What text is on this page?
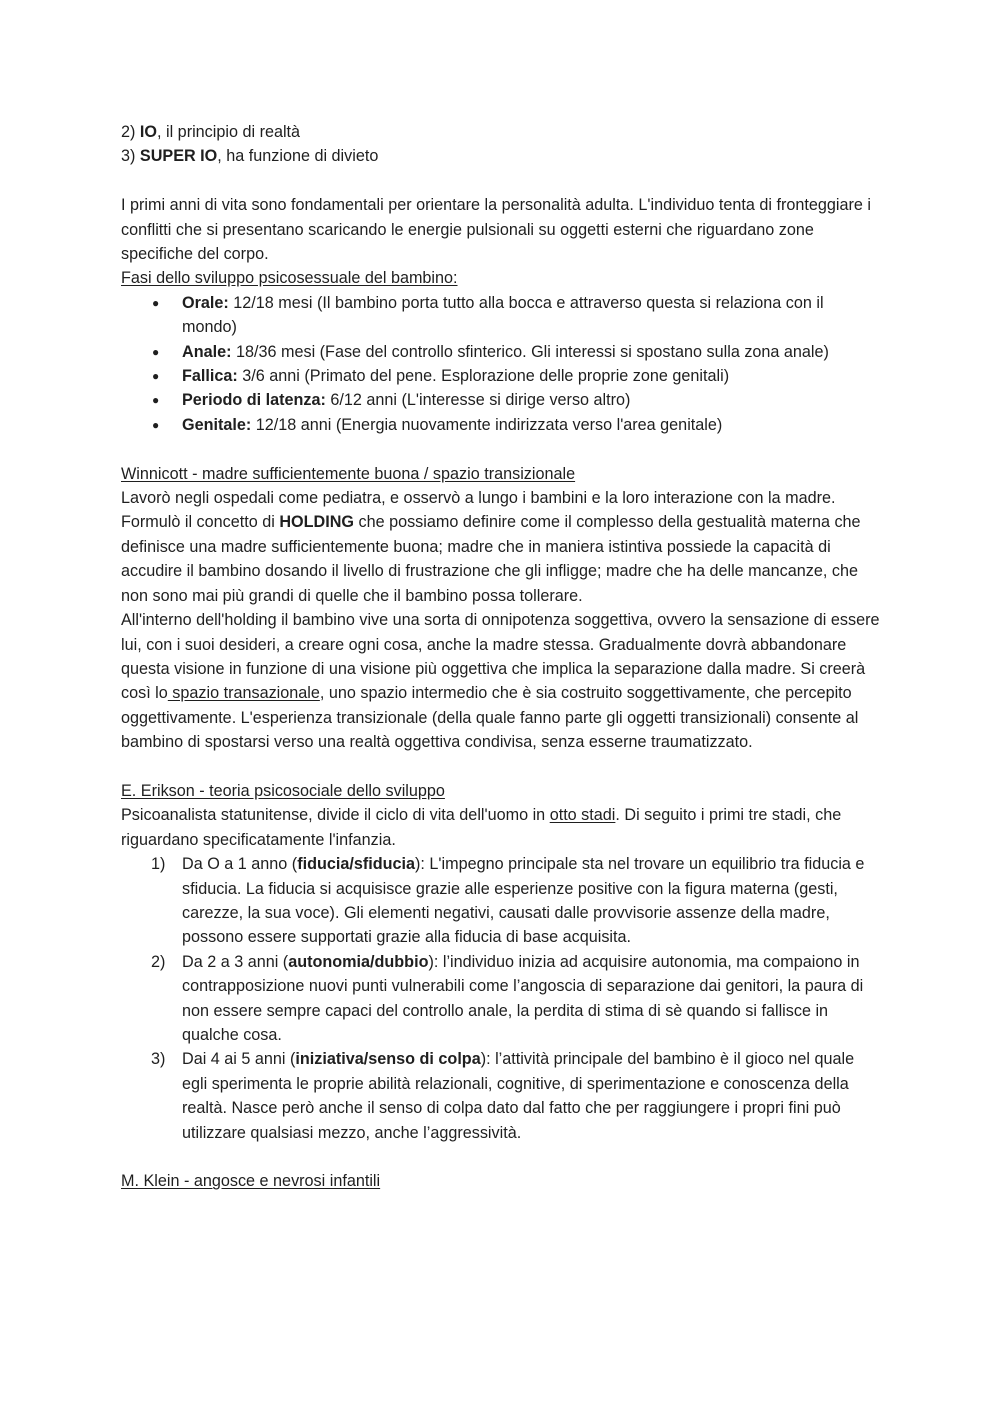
2) IO, il principio di realtà

3) SUPER IO, ha funzione di divieto

I primi anni di vita sono fondamentali per orientare la personalità adulta. L'individuo tenta di fronteggiare i conflitti che si presentano scaricando le energie pulsionali su oggetti esterni che riguardano zone specifiche del corpo.

Fasi dello sviluppo psicosessuale del bambino:

● Orale: 12/18 mesi (Il bambino porta tutto alla bocca e attraverso questa si relaziona con il mondo)
● Anale: 18/36 mesi (Fase del controllo sfinterico. Gli interessi si spostano sulla zona anale)
● Fallica: 3/6 anni (Primato del pene. Esplorazione delle proprie zone genitali)
● Periodo di latenza: 6/12 anni (L'interesse si dirige verso altro)
● Genitale: 12/18 anni (Energia nuovamente indirizzata verso l'area genitale)

Winnicott - madre sufficientemente buona / spazio transizionale

Lavorò negli ospedali come pediatra, e osservò a lungo i bambini e la loro interazione con la madre. Formulò il concetto di HOLDING che possiamo definire come il complesso della gestualità materna che definisce una madre sufficientemente buona; madre che in maniera istintiva possiede la capacità di accudire il bambino dosando il livello di frustrazione che gli infligge; madre che ha delle mancanze, che non sono mai più grandi di quelle che il bambino possa tollerare.

All'interno dell'holding il bambino vive una sorta di onnipotenza soggettiva, ovvero la sensazione di essere lui, con i suoi desideri, a creare ogni cosa, anche la madre stessa. Gradualmente dovrà abbandonare questa visione in funzione di una visione più oggettiva che implica la separazione dalla madre. Si creerà così lo spazio transazionale, uno spazio intermedio che è sia costruito soggettivamente, che percepito oggettivamente. L'esperienza transizionale (della quale fanno parte gli oggetti transizionali) consente al bambino di spostarsi verso una realtà oggettiva condivisa, senza esserne traumatizzato.

E. Erikson - teoria psicosociale dello sviluppo

Psicoanalista statunitense, divide il ciclo di vita dell'uomo in otto stadi. Di seguito i primi tre stadi, che riguardano specificatamente l'infanzia.

1) Da O a 1 anno (fiducia/sfiducia): L'impegno principale sta nel trovare un equilibrio tra fiducia e sfiducia. La fiducia si acquisisce grazie alle esperienze positive con la figura materna (gesti, carezze, la sua voce). Gli elementi negativi, causati dalle provvisorie assenze della madre, possono essere supportati grazie alla fiducia di base acquisita.
2) Da 2 a 3 anni (autonomia/dubbio): l’individuo inizia ad acquisire autonomia, ma compaiono in contrapposizione nuovi punti vulnerabili come l’angoscia di separazione dai genitori, la paura di non essere sempre capaci del controllo anale, la perdita di stima di sè quando si fallisce in qualche cosa.
3) Dai 4 ai 5 anni (iniziativa/senso di colpa): l’attività principale del bambino è il gioco nel quale egli sperimenta le proprie abilità relazionali, cognitive, di sperimentazione e conoscenza della realtà. Nasce però anche il senso di colpa dato dal fatto che per raggiungere i propri fini può utilizzare qualsiasi mezzo, anche l’aggressività.

M. Klein - angosce e nevrosi infantili
